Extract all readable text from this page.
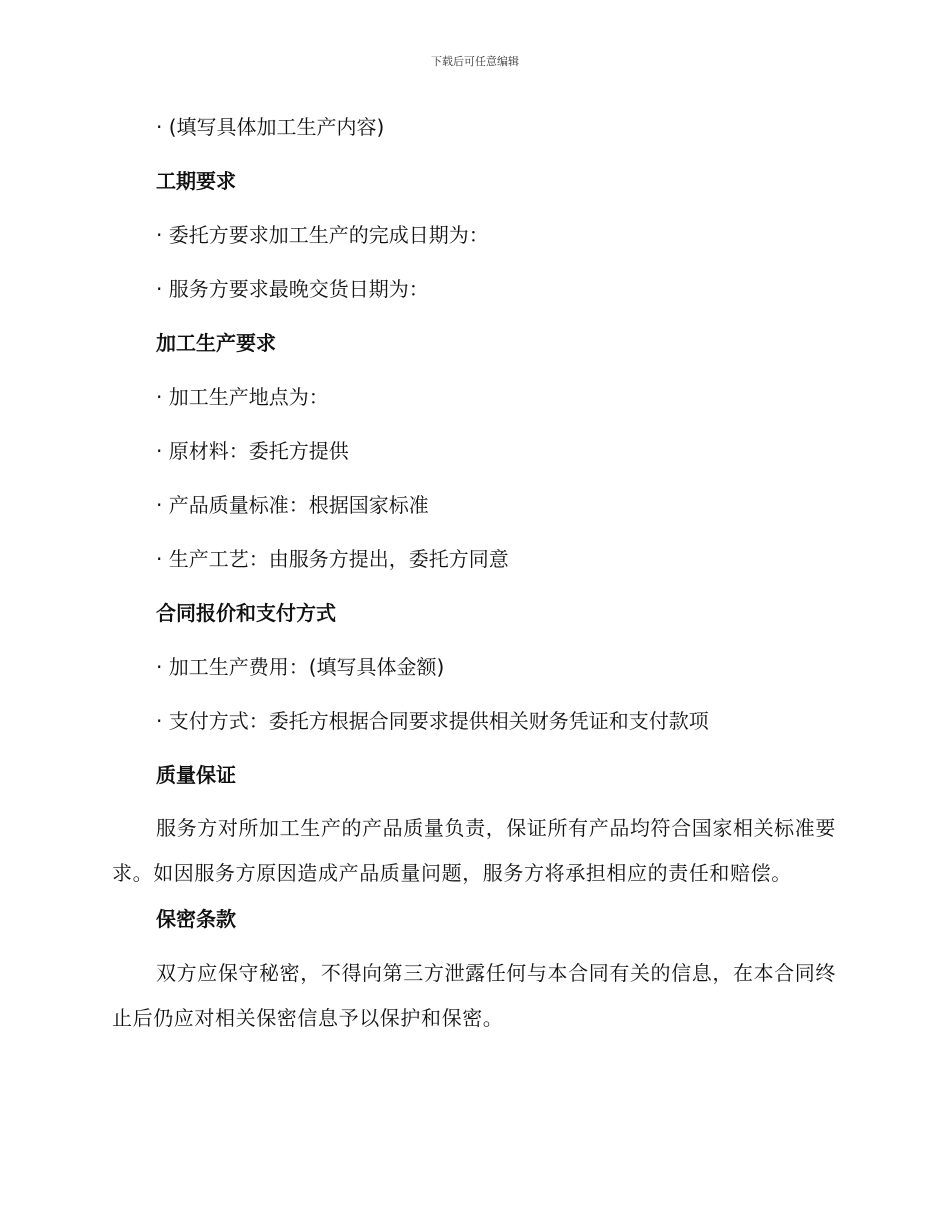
下载后可任意编辑
· (填写具体加工生产内容)
工期要求
· 委托方要求加工生产的完成日期为：
· 服务方要求最晚交货日期为：
加工生产要求
· 加工生产地点为：
· 原材料：委托方提供
· 产品质量标准：根据国家标准
· 生产工艺：由服务方提出，委托方同意
合同报价和支付方式
· 加工生产费用：(填写具体金额)
· 支付方式：委托方根据合同要求提供相关财务凭证和支付款项
质量保证

服务方对所加工生产的产品质量负责，保证所有产品均符合国家相关标准要求。如因服务方原因造成产品质量问题，服务方将承担相应的责任和赔偿。

保密条款

双方应保守秘密，不得向第三方泄露任何与本合同有关的信息，在本合同终止后仍应对相关保密信息予以保护和保密。
